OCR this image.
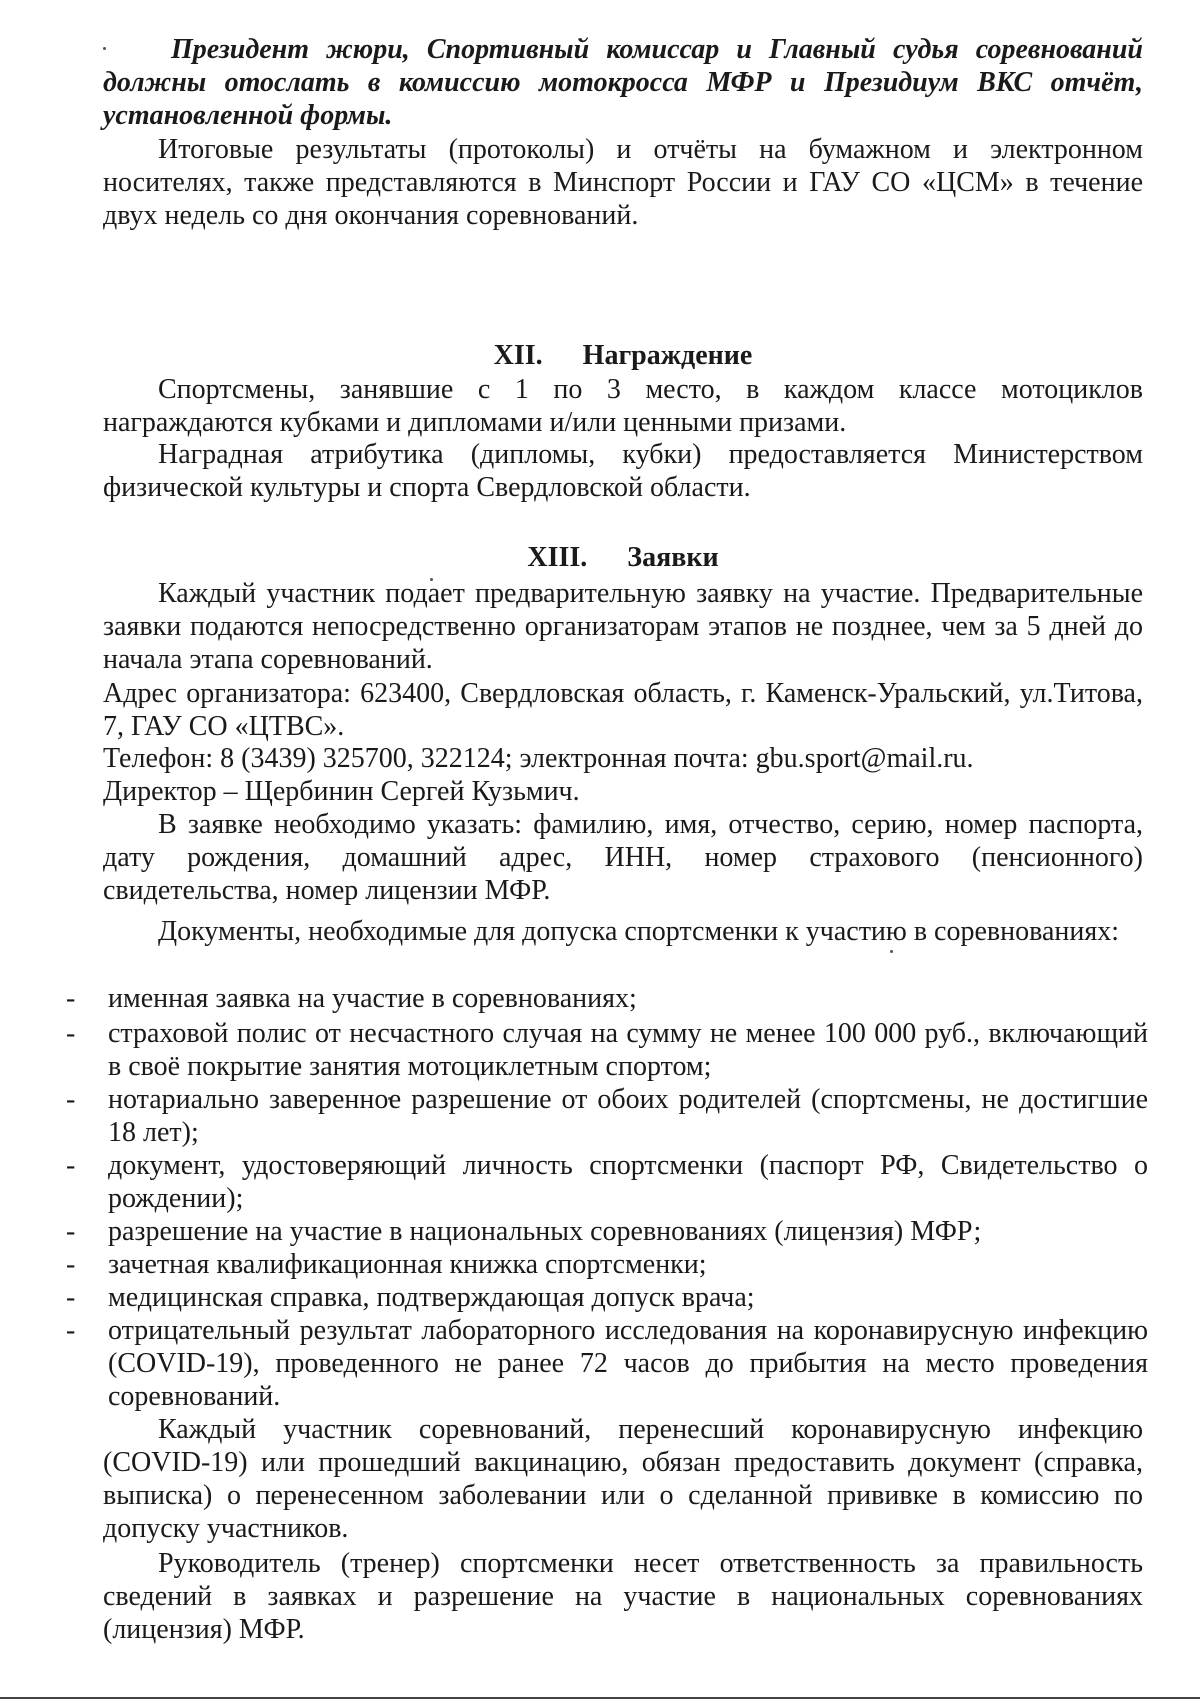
Президент жюри, Спортивный комиссар и Главный судья соревнований должны отослать в комиссию мотокросса МФР и Президиум ВКС отчёт, установленной формы.

Итоговые результаты (протоколы) и отчёты на бумажном и электронном носителях, также представляются в Минспорт России и ГАУ СО «ЦСМ» в течение двух недель со дня окончания соревнований.

XII. Награждение

Спортсмены, занявшие с 1 по 3 место, в каждом классе мотоциклов награждаются кубками и дипломами и/или ценными призами.

Наградная атрибутика (дипломы, кубки) предоставляется Министерством физической культуры и спорта Свердловской области.

XIII. Заявки

Каждый участник подает предварительную заявку на участие. Предварительные заявки подаются непосредственно организаторам этапов не позднее, чем за 5 дней до начала этапа соревнований.

Адрес организатора: 623400, Свердловская область, г. Каменск-Уральский, ул.Титова, 7, ГАУ СО «ЦТВС».

Телефон: 8 (3439) 325700, 322124; электронная почта: gbu.sport@mail.ru.

Директор – Щербинин Сергей Кузьмич.

В заявке необходимо указать: фамилию, имя, отчество, серию, номер паспорта, дату рождения, домашний адрес, ИНН, номер страхового (пенсионного) свидетельства, номер лицензии МФР.

Документы, необходимые для допуска спортсменки к участию в соревнованиях:

- именная заявка на участие в соревнованиях;
- страховой полис от несчастного случая на сумму не менее 100 000 руб., включающий в своё покрытие занятия мотоциклетным спортом;
- нотариально заверенное разрешение от обоих родителей (спортсмены, не достигшие 18 лет);
- документ, удостоверяющий личность спортсменки (паспорт РФ, Свидетельство о рождении);
- разрешение на участие в национальных соревнованиях (лицензия) МФР;
- зачетная квалификационная книжка спортсменки;
- медицинская справка, подтверждающая допуск врача;
- отрицательный результат лабораторного исследования на коронавирусную инфекцию (COVID-19), проведенного не ранее 72 часов до прибытия на место проведения соревнований.

Каждый участник соревнований, перенесший коронавирусную инфекцию (COVID-19) или прошедший вакцинацию, обязан предоставить документ (справка, выписка) о перенесенном заболевании или о сделанной прививке в комиссию по допуску участников.

Руководитель (тренер) спортсменки несет ответственность за правильность сведений в заявках и разрешение на участие в национальных соревнованиях (лицензия) МФР.
